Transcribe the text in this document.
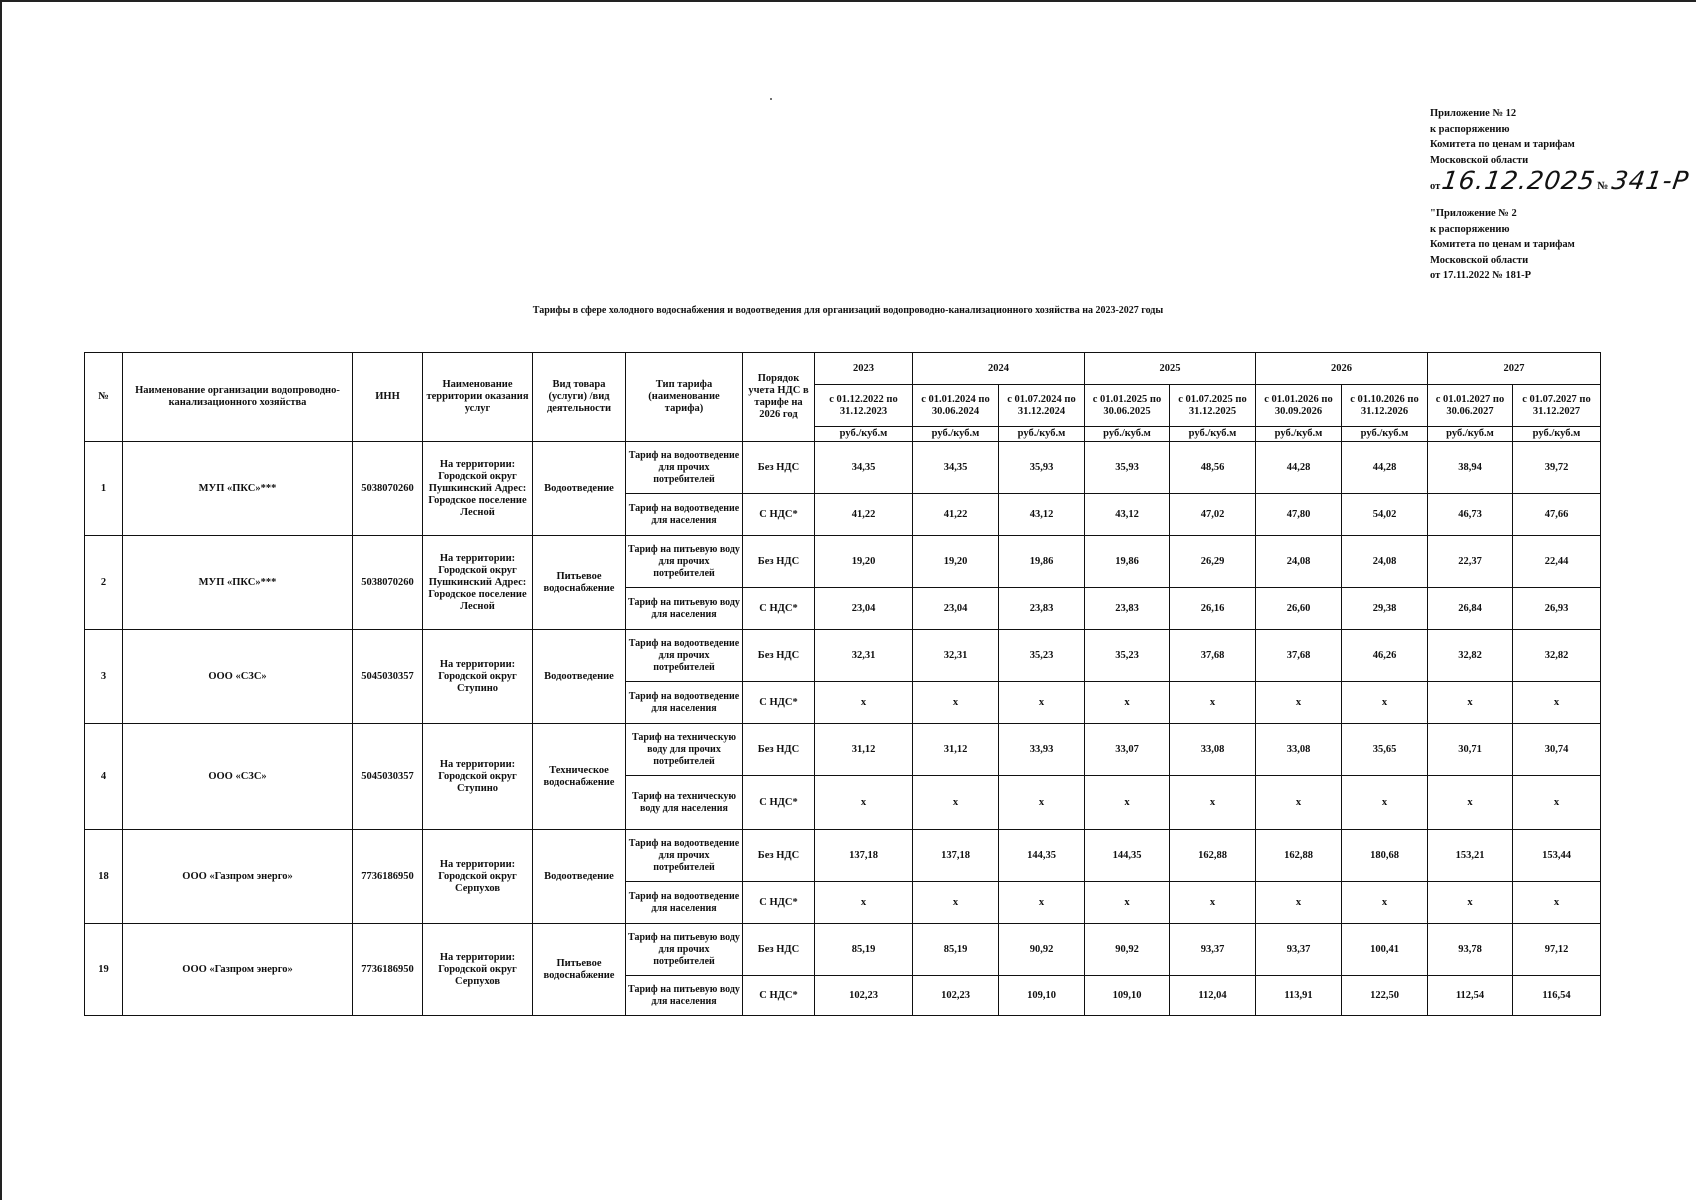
Приложение № 12
к распоряжению
Комитета по ценам и тарифам
Московской области
от 16.12.2025 № 341-Р
"Приложение № 2
к распоряжению
Комитета по ценам и тарифам
Московской области
от 17.11.2022 № 181-Р
Тарифы в сфере холодного водоснабжения и водоотведения для организаций водопроводно-канализационного хозяйства на 2023-2027 годы
№	Наименование организации водопроводно-канализационного хозяйства	ИНН	Наименование территории оказания услуг	Вид товара (услуги) /вид деятельности	Тип тарифа (наименование тарифа)	Порядок учета НДС в тарифе на 2026 год	2023	2024		2025		2026		2027	
							с 01.12.2022 по 31.12.2023	с 01.01.2024 по 30.06.2024	с 01.07.2024 по 31.12.2024	с 01.01.2025 по 30.06.2025	с 01.07.2025 по 31.12.2025	с 01.01.2026 по 30.09.2026	с 01.10.2026 по 31.12.2026	с 01.01.2027 по 30.06.2027	с 01.07.2027 по 31.12.2027
							руб./куб.м	руб./куб.м	руб./куб.м	руб./куб.м	руб./куб.м	руб./куб.м	руб./куб.м	руб./куб.м	руб./куб.м
1	МУП «ПКС»***	5038070260	На территории: Городской округ Пушкинский Адрес: Городское поселение Лесной	Водоотведение	Тариф на водоотведение для прочих потребителей	Без НДС	34,35	34,35	35,93	35,93	48,56	44,28	44,28	38,94	39,72
					Тариф на водоотведение для населения	С НДС*	41,22	41,22	43,12	43,12	47,02	47,80	54,02	46,73	47,66
2	МУП «ПКС»***	5038070260	На территории: Городской округ Пушкинский Адрес: Городское поселение Лесной	Питьевое водоснабжение	Тариф на питьевую воду для прочих потребителей	Без НДС	19,20	19,20	19,86	19,86	26,29	24,08	24,08	22,37	22,44
					Тариф на питьевую воду для населения	С НДС*	23,04	23,04	23,83	23,83	26,16	26,60	29,38	26,84	26,93
3	ООО «СЗС»	5045030357	На территории: Городской округ Ступино	Водоотведение	Тариф на водоотведение для прочих потребителей	Без НДС	32,31	32,31	35,23	35,23	37,68	37,68	46,26	32,82	32,82
					Тариф на водоотведение для населения	С НДС*	x	x	x	x	x	x	x	x	x
4	ООО «СЗС»	5045030357	На территории: Городской округ Ступино	Техническое водоснабжение	Тариф на техническую воду для прочих потребителей	Без НДС	31,12	31,12	33,93	33,07	33,08	33,08	35,65	30,71	30,74
					Тариф на техническую воду для населения	С НДС*	x	x	x	x	x	x	x	x	x
18	ООО «Газпром энерго»	7736186950	На территории: Городской округ Серпухов	Водоотведение	Тариф на водоотведение для прочих потребителей	Без НДС	137,18	137,18	144,35	144,35	162,88	162,88	180,68	153,21	153,44
					Тариф на водоотведение для населения	С НДС*	x	x	x	x	x	x	x	x	x
19	ООО «Газпром энерго»	7736186950	На территории: Городской округ Серпухов	Питьевое водоснабжение	Тариф на питьевую воду для прочих потребителей	Без НДС	85,19	85,19	90,92	90,92	93,37	93,37	100,41	93,78	97,12
					Тариф на питьевую воду для населения	С НДС*	102,23	102,23	109,10	109,10	112,04	113,91	122,50	112,54	116,54
